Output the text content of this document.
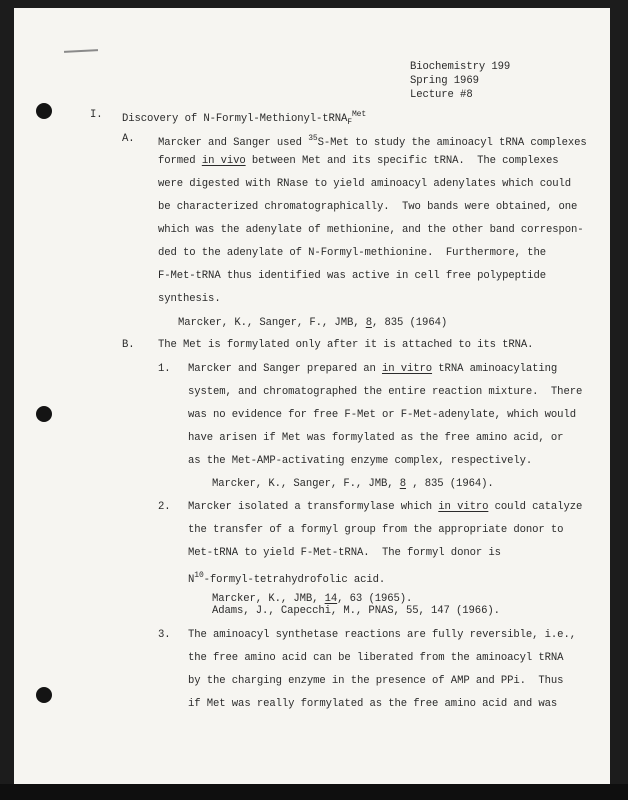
Biochemistry 199
Spring 1969
Lecture #8
I. Discovery of N-Formyl-Methionyl-tRNA$_F^{Met}$
A. Marcker and Sanger used $^{35}$S-Met to study the aminoacyl tRNA complexes
formed in vivo between Met and its specific tRNA.  The complexes
were digested with RNase to yield aminoacyl adenylates which could
be characterized chromatographically.  Two bands were obtained, one
which was the adenylate of methionine, and the other band correspon-
ded to the adenylate of N-Formyl-methionine.  Furthermore, the
F-Met-tRNA thus identified was active in cell free polypeptide
synthesis.
Marcker, K., Sanger, F., JMB, 8, 835 (1964)
B. The Met is formylated only after it is attached to its tRNA.
1. Marcker and Sanger prepared an in vitro tRNA aminoacylating
system, and chromatographed the entire reaction mixture.  There
was no evidence for free F-Met or F-Met-adenylate, which would
have arisen if Met was formylated as the free amino acid, or
as the Met-AMP-activating enzyme complex, respectively.
Marcker, K., Sanger, F., JMB, 8 , 835 (1964).
2. Marcker isolated a transformylase which in vitro could catalyze
the transfer of a formyl group from the appropriate donor to
Met-tRNA to yield F-Met-tRNA.  The formyl donor is
$N^{10}-formyl$-tetrahydrofolic acid.
Marcker, K., JMB, 14, 63 (1965).
Adams, J., Capecchi, M., PNAS, 55, 147 (1966).
3. The aminoacyl synthetase reactions are fully reversible, i.e.,
the free amino acid can be liberated from the aminoacyl tRNA
by the charging enzyme in the presence of AMP and PPi.  Thus
if Met was really formylated as the free amino acid and was
